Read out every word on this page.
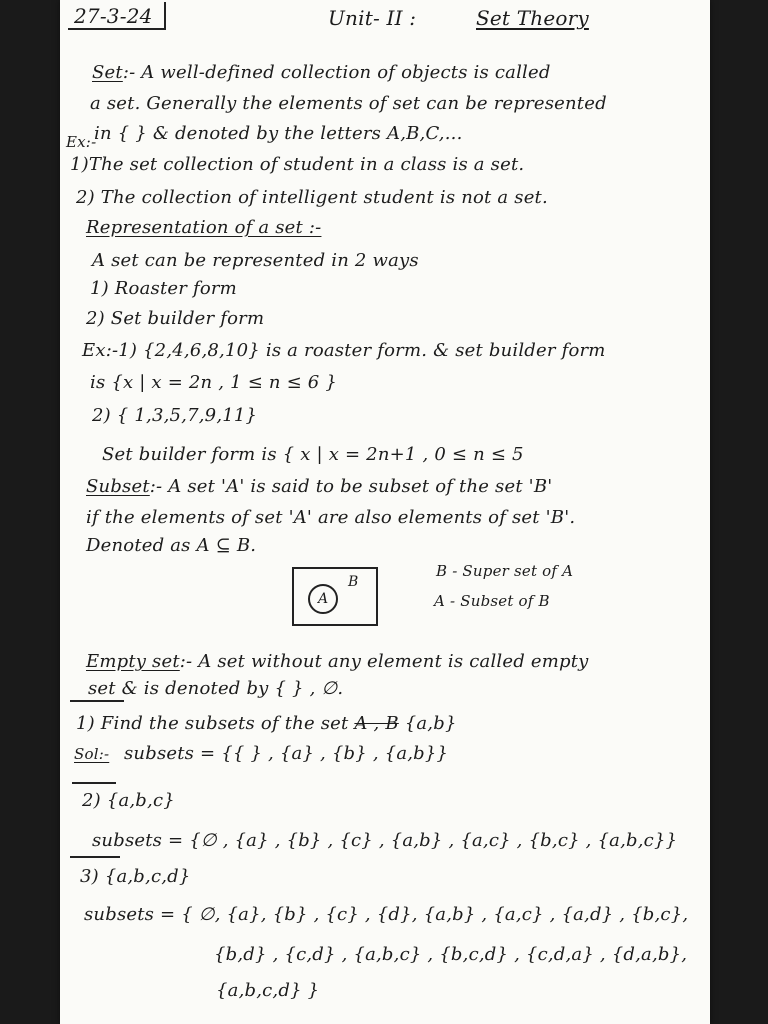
27-3-24	Unit- II :	Set Theory
Set:- A well-defined collection of objects is called
a set. Generally the elements of set can be represented
Ex:-
in { } & denoted by the letters A,B,C,...
1)The set collection of student in a class is a set.
2) The collection of intelligent student is not a set.
Representation of a set :-
A set can be represented in 2 ways
1) Roaster form
2) Set builder form
Ex:-1) {2,4,6,8,10} is a roaster form. & set builder form
is {x | x = 2n , 1 ≤ n ≤ 6 }
2) { 1,3,5,7,9,11}
Set builder form is { x | x = 2n+1 , 0 ≤ n ≤ 5
Subset:- A set 'A' is said to be subset of the set 'B'
if the elements of set 'A' are also elements of set 'B'.
Denoted as A ⊆ B.
A
B
B - Super set of A
A - Subset of B
Empty set:- A set without any element is called empty
set & is denoted by { } , ∅.
1) Find the subsets of the set A , B {a,b}
Sol:- subsets = {{ } , {a} , {b} , {a,b}}
2) {a,b,c}
subsets = {∅ , {a} , {b} , {c} , {a,b} , {a,c} , {b,c} , {a,b,c}}
3) {a,b,c,d}
subsets = { ∅, {a}, {b} , {c} , {d}, {a,b} , {a,c} , {a,d} , {b,c},
{b,d} , {c,d} , {a,b,c} , {b,c,d} , {c,d,a} , {d,a,b},
{a,b,c,d} }
